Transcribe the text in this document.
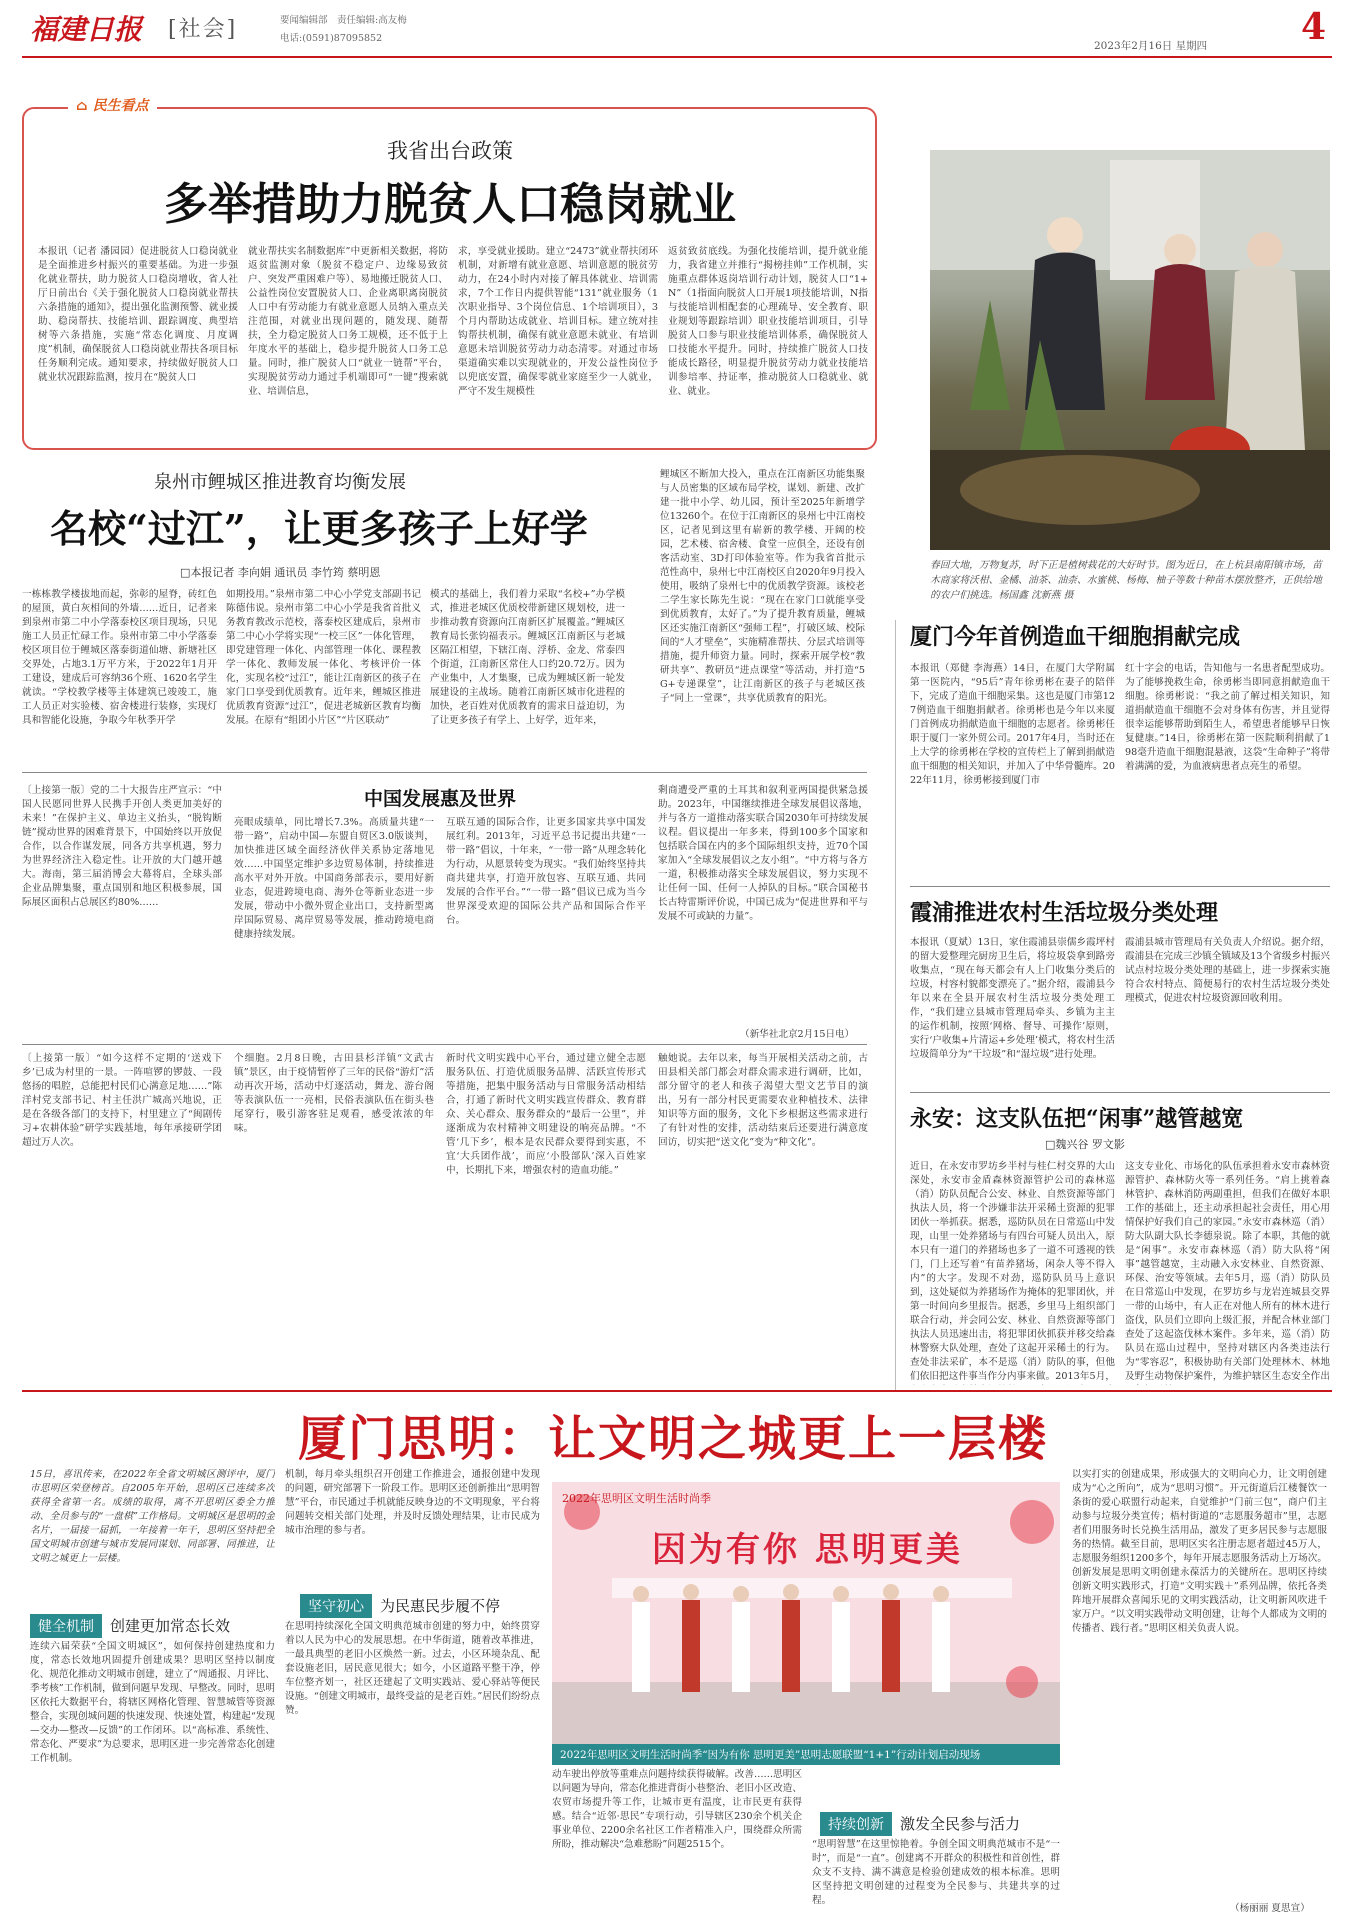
福建日报 [社会]	要闻编辑部　责任编辑:高友梅
电话:(0591)87095852
2023年2月16日 星期四	4
⌂ 民生看点
我省出台政策
多举措助力脱贫人口稳岗就业
本报讯（记者 潘园园）促进脱贫人口稳岗就业是全面推进乡村振兴的重要基础。为进一步强化就业帮扶，助力脱贫人口稳岗增收，省人社厅日前出台《关于强化脱贫人口稳岗就业帮扶六条措施的通知》，提出强化监测预警、就业援助、稳岗帮扶、技能培训、跟踪调度、典型培树等六条措施，实施“常态化调度、月度调度”机制，确保脱贫人口稳岗就业帮扶各项目标任务顺利完成。通知要求，持续做好脱贫人口就业状况跟踪监测，按月在“脱贫人口
就业帮扶实名制数据库”中更新相关数据，将防返贫监测对象（脱贫不稳定户、边缘易致贫户、突发严重困难户等）、易地搬迁脱贫人口、公益性岗位安置脱贫人口、企业离职离岗脱贫人口中有劳动能力有就业意愿人员纳入重点关注范围，对就业出现问题的，随发现、随帮扶，全力稳定脱贫人口务工规模，还不低于上年度水平的基础上，稳步提升脱贫人口务工总量。同时，推广脱贫人口“就业一链帮”平台，实现脱贫劳动力通过手机端即可“一键”搜索就业、培训信息，
求，享受就业援助。建立“2473”就业帮扶闭环机制，对新增有就业意愿、培训意愿的脱贫劳动力，在24小时内对接了解具体就业、培训需求，7个工作日内提供智能“131”就业服务（1次职业指导、3个岗位信息、1个培训项目），3个月内帮助达成就业、培训目标。建立统对挂钩帮扶机制，确保有就业意愿未就业、有培训意愿未培训脱贫劳动力动态清零。对通过市场渠道确实难以实现就业的，开发公益性岗位予以兜底安置，确保零就业家庭至少一人就业，严守不发生规模性
返贫致贫底线。为强化技能培训，提升就业能力，我省建立并推行“揭榜挂帅”工作机制，实施重点群体返岗培训行动计划，脱贫人口“1+N”（1指面向脱贫人口开展1项技能培训，N指与技能培训相配套的心理疏导、安全教育、职业规划等跟踪培训）职业技能培训项目，引导脱贫人口参与职业技能培训体系，确保脱贫人口技能水平提升。同时，持续推广脱贫人口技能成长路径，明显提升脱贫劳动力就业技能培训参培率、持证率，推动脱贫人口稳就业、就业、就业。
春回大地，万物复苏，时下正是植树栽花的大好时节。图为近日，在上杭县南阳镇市场，苗木商家将沃柑、金橘、油茶、油柰、水蜜桃、杨梅、柚子等数十种苗木摆放整齐，正供给地的农户们挑选。杨国鑫 沈新燕 摄
泉州市鲤城区推进教育均衡发展
名校“过江”，让更多孩子上好学
□本报记者 李向娟 通讯员 李竹筠 蔡明恩
一栋栋教学楼拔地而起，弥彰的屋脊，砖红色的屋顶，黄白灰相间的外墙……近日，记者来到泉州市第二中小学落泰校区项目现场，只见施工人员正忙碌工作。泉州市第二中小学落泰校区项目位于鲤城区落泰街道仙塘、新塘社区交界处，占地3.1万平方米，于2022年1月开工建设，建成后可容纳36个班、1620名学生就读。“学校教学楼等主体建筑已竣竣工，施工人员正对实验楼、宿舍楼进行装修，实现灯具和智能化设施，争取今年秋季开学
如期投用。”泉州市第二中心小学党支部副书记陈德伟说。泉州市第二中心小学是我省首批义务教育教改示范校，落泰校区建成后，泉州市第二中心小学将实现“一校三区”一体化管理，即党建管理一体化、内部管理一体化、课程教学一体化、教师发展一体化、考核评价一体化，实现名校“过江”，能让江南新区的孩子在家门口享受到优质教育。近年来，鲤城区推进优质教育资源“过江”，促进老城新区教育均衡发展。在原有“组团小片区”“片区联动”
模式的基础上，我们着力采取“名校+”办学模式，推进老城区优质校带新建区规划校，进一步推动教育资源向江南新区扩展覆盖。”鲤城区教育局长张钧福表示。鲤城区江南新区与老城区隔江相望，下辖江南、浮桥、金龙、常泰四个街道，江南新区常住人口约20.72万。因为产业集中，人才集聚，已成为鲤城区新一轮发展建设的主战场。随着江南新区城市化进程的加快，老百姓对优质教育的需求日益迫切，为了让更多孩子有学上、上好学，近年来，
鲤城区不断加大投入，重点在江南新区功能集聚与人员密集的区域布局学校，谋划、新建、改扩建一批中小学、幼儿园，预计至2025年新增学位13260个。在位于江南新区的泉州七中江南校区，记者见到这里有崭新的教学楼、开阔的校园，艺术楼、宿舍楼、食堂一应俱全，还设有创客活动室、3D打印体验室等。作为我省首批示范性高中，泉州七中江南校区自2020年9月投入使用，吸纳了泉州七中的优质教学资源。该校老二学生家长陈先生说：“现在在家门口就能享受到优质教育，太好了。”为了提升教育质量，鲤城区还实施江南新区“强师工程”，打破区域、校际间的“人才壁垒”，实施精准帮扶、分层式培训等措施，提升师资力量。同时，探索开展学校“教研共享”、教研员“进点课堂”等活动，并打造“5G+专递课堂”，让江南新区的孩子与老城区孩子“同上一堂课”，共享优质教育的阳光。
厦门今年首例造血干细胞捐献完成
本报讯（郑健 李海燕）14日，在厦门大学附属第一医院内，“95后”青年徐勇彬在妻子的陪伴下，完成了造血干细胞采集。这也是厦门市第127例造血干细胞捐献者。徐勇彬也是今年以来厦门首例成功捐献造血干细胞的志愿者。徐勇彬任职于厦门一家外贸公司。2017年4月，当时还在上大学的徐勇彬在学校的宣传栏上了解到捐献造血干细胞的相关知识，并加入了中华骨髓库。2022年11月，徐勇彬接到厦门市
红十字会的电话，告知他与一名患者配型成功。为了能够挽救生命，徐勇彬当即同意捐献造血干细胞。徐勇彬说：“我之前了解过相关知识，知道捐献造血干细胞不会对身体有伤害，并且觉得很幸运能够帮助到陌生人，希望患者能够早日恢复健康。”14日，徐勇彬在第一医院顺利捐献了198毫升造血干细胞混悬液，这袋“生命种子”将带着满满的爱，为血液病患者点亮生的希望。
霞浦推进农村生活垃圾分类处理
本报讯（夏斌）13日，家住霞浦县崇儒乡霞坪村的留大爱整理完厨房卫生后，将垃圾袋拿到路旁收集点，“现在每天都会有人上门收集分类后的垃圾，村容村貌都变漂亮了。”据介绍，霞浦县今年以来在全县开展农村生活垃圾分类处理工作，“我们建立县城市管理局牵头、乡镇为主主的运作机制，按照‘网格、督导、可操作’原则，实行‘户收集+片清运+乡处理’模式，将农村生活垃圾简单分为“干垃圾”和“湿垃圾”进行处理。
霞浦县城市管理局有关负责人介绍说。据介绍，霞浦县在完成三沙镇全镇域及13个省级乡村振兴试点村垃圾分类处理的基础上，进一步探索实施符合农村特点、简便易行的农村生活垃圾分类处理模式，促进农村垃圾资源回收利用。
永安：这支队伍把“闲事”越管越宽
□魏兴谷 罗文影
近日，在永安市罗坊乡半村与桂仁村交界的大山深处，永安市金盾森林资源管护公司的森林巡（消）防队员配合公安、林业、自然资源等部门执法人员，将一个涉嫌非法开采稀土资源的犯罪团伙一举抓获。据悉，巡防队员在日常巡山中发现，山里一处养猪场与有四台可疑人员出入，原本只有一道门的养猪场也多了一道不可透视的铁门，门上还写着“有苗养猪场，闲杂人等不得入内”的大字。发现不对劲，巡防队员马上意识到，这处疑似为养猪场作为掩体的犯罪团伙，并第一时间向乡里报告。据悉，乡里马上组织部门联合行动，并会同公安、林业、自然资源等部门执法人员迅速出击，将犯罪团伙抓获并移交给森林警察大队处理，查处了这起开采稀土的行为。查处非法采矿，本不是巡（消）防队的事，但他们依旧把这件事当作分内事来做。2013年5月，
这支专业化、市场化的队伍承担着永安市森林资源管护、森林防火等一系列任务。“肩上挑着森林管护、森林消防两副重担，但我们在做好本职工作的基础上，还主动承担起社会责任，用心用情保护好我们自己的家园。”永安市森林巡（消）防大队副大队长李德泉说。除了本职，其他的就是“闲事”。永安市森林巡（消）防大队将“闲事”越管越宽，主动融入永安林业、自然资源、环保、治安等领域。去年5月，巡（消）防队员在日常巡山中发现，在罗坊乡与龙岩连城县交界一带的山场中，有人正在对他人所有的林木进行盗伐，队员们立即向上级汇报，并配合林业部门查处了这起盗伐林木案件。多年来，巡（消）防队员在巡山过程中，坚持对辖区内各类违法行为“零容忍”，积极协助有关部门处理林木、林地及野生动物保护案件，为维护辖区生态安全作出
中国发展惠及世界
〔上接第一版〕党的二十大报告庄严宣示：“中国人民愿同世界人民携手开创人类更加美好的未来！”在保护主义、单边主义抬头，“脱钩断链”搅动世界的困难背景下，中国始终以开放促合作，以合作谋发展，同各方共享机遇，努力为世界经济注入稳定性。让开放的大门越开越大。海南，第三届消博会大幕将启，全球头部企业品牌集聚，重点国别和地区积极参展，国际展区面积占总展区约80%……
亮眼成绩单，同比增长7.3%。高质量共建“一带一路”，启动中国—东盟自贸区3.0版谈判，加快推进区域全面经济伙伴关系协定落地见效……中国坚定维护多边贸易体制，持续推进高水平对外开放。中国商务部表示，要用好新业态，促进跨境电商、海外仓等新业态进一步发展，带动中小微外贸企业出口，支持新型离岸国际贸易、离岸贸易等发展，推动跨境电商健康持续发展。
互联互通的国际合作，让更多国家共享中国发展红利。2013年，习近平总书记提出共建“一带一路”倡议，十年来，“一带一路”从理念转化为行动，从愿景转变为现实。“我们始终坚持共商共建共享，打造开放包容、互联互通、共同发展的合作平台。”“一带一路”倡议已成为当今世界深受欢迎的国际公共产品和国际合作平台。
剩商遭受严重的土耳其和叙利亚两国提供紧急援助。2023年，中国继续推进全球发展倡议落地，并与各方一道推动落实联合国2030年可持续发展议程。倡议提出一年多来，得到100多个国家和包括联合国在内的多个国际组织支持，近70个国家加入“全球发展倡议之友小组”。“中方将与各方一道，积极推动落实全球发展倡议，努力实现不让任何一国、任何一人掉队的目标。”联合国秘书长古特雷斯评价说，中国已成为“促进世界和平与发展不可或缺的力量”。
（新华社北京2月15日电）
〔上接第一版〕“如今这样不定期的‘送戏下乡’已成为村里的一景。一阵喧锣的锣鼓、一段悠扬的唱腔，总能把村民们心满意足地……”陈洋村党支部书记、村主任洪广城高兴地说，正是在各级各部门的支持下，村里建立了“闽剧传习+农耕体验”研学实践基地，每年承接研学团超过万人次。
个细胞。2月8日晚，古田县杉洋镇“文武古镇”景区，由于疫情暂停了三年的民俗“游灯”活动再次开场，活动中灯逐活动，舞龙、游台阁等表演队伍一一亮相，民俗表演队伍在街头巷尾穿行，吸引游客驻足观看，感受浓浓的年味。
新时代文明实践中心平台，通过建立健全志愿服务队伍、打造优质服务品牌、活跃宣传形式等措施，把集中服务活动与日常服务活动相结合，打通了新时代文明实践宣传群众、教育群众、关心群众、服务群众的“最后一公里”，并逐渐成为农村精神文明建设的响亮品牌。“不管‘几下乡’，根本是农民群众要得到实惠，不宜‘大兵团作战’，而应‘小股部队’深入百姓家中，长期扎下来，增强农村的造血功能。”
触她说。去年以来，每当开展相关活动之前，古田县相关部门都会对群众需求进行调研，比如，部分留守的老人和孩子渴望大型文艺节目的演出，另有一部分村民更需要农业种植技术、法律知识等方面的服务，文化下乡根据这些需求进行了有针对性的安排，活动结束后还要进行满意度回访，切实把“送文化”变为“种文化”。
厦门思明：让文明之城更上一层楼
15日，喜讯传来，在2022年全省文明城区测评中，厦门市思明区荣登榜首。自2005年开始，思明区已连续多次获得全省第一名。成绩的取得，离不开思明区委全力推动、全员参与的“一盘棋”工作格局。文明城区是思明的金名片，一届接一届抓，一年接着一年干，思明区坚持把全国文明城市创建与城市发展同谋划、同部署、同推进，让文明之城更上一层楼。
健全机制 创建更加常态长效
连续六届荣获“全国文明城区”，如何保持创建热度和力度，常态长效地巩固提升创建成果？思明区坚持以制度化、规范化推动文明城市创建，建立了“周通报、月评比、季考核”工作机制，做到问题早发现、早整改。同时，思明区依托大数据平台，将辖区网格化管理、智慧城管等资源整合，实现创城问题的快速发现、快速处置，构建起“发现—交办—整改—反馈”的工作闭环。以“高标准、系统性、常态化、严要求”为总要求，思明区进一步完善常态化创建工作机制。
机制，每月牵头组织召开创建工作推进会，通报创建中发现的问题，研究部署下一阶段工作。思明区还创新推出“思明智慧”平台，市民通过手机就能反映身边的不文明现象，平台将问题转交相关部门处理，并及时反馈处理结果，让市民成为城市治理的参与者。
坚守初心 为民惠民步履不停
在思明持续深化全国文明典范城市创建的努力中，始终贯穿着以人民为中心的发展思想。在中华街道，随着改革推进，一最具典型的老旧小区焕然一新。过去，小区环境杂乱、配套设施老旧，居民意见很大；如今，小区道路平整干净，停车位整齐划一，社区还建起了文明实践站、爱心驿站等便民设施。“创建文明城市，最终受益的是老百姓。”居民们纷纷点赞。
2022年思明区文明生活时尚季
因为有你 思明更美
2022年思明区文明生活时尚季“因为有你 思明更美”思明志愿联盟“1+1”行动计划启动现场
动车驶出停放等重难点问题持续获得破解。改善……思明区以问题为导向，常态化推进背街小巷整治、老旧小区改造、农贸市场提升等工作，让城市更有温度，让市民更有获得感。结合“近邻·思民”专项行动，引导辖区230余个机关企事业单位、2200余名社区工作者精准入户，围绕群众所需所盼，推动解决“急难愁盼”问题2515个。
持续创新 激发全民参与活力
“思明智慧”在这里惊艳着。争创全国文明典范城市不是“一时”，而是“一直”。创建离不开群众的积极性和首创性，群众支不支持、满不满意是检验创建成效的根本标准。思明区坚持把文明创建的过程变为全民参与、共建共享的过程。
以实打实的创建成果，形成强大的文明向心力，让文明创建成为“心之所向”，成为“思明习惯”。开元街道后江楼餐饮一条街的爱心联盟行动起来，自觉维护“门前三包”，商户们主动参与垃圾分类宣传；梧村街道的“志愿服务超市”里，志愿者们用服务时长兑换生活用品，激发了更多居民参与志愿服务的热情。截至目前，思明区实名注册志愿者超过45万人，志愿服务组织1200多个，每年开展志愿服务活动上万场次。创新发展是思明文明创建永葆活力的关键所在。思明区持续创新文明实践形式，打造“文明实践＋”系列品牌，依托各类阵地开展群众喜闻乐见的文明实践活动，让文明新风吹进千家万户。“以文明实践带动文明创建，让每个人都成为文明的传播者、践行者。”思明区相关负责人说。
（杨丽丽 夏思宣）
